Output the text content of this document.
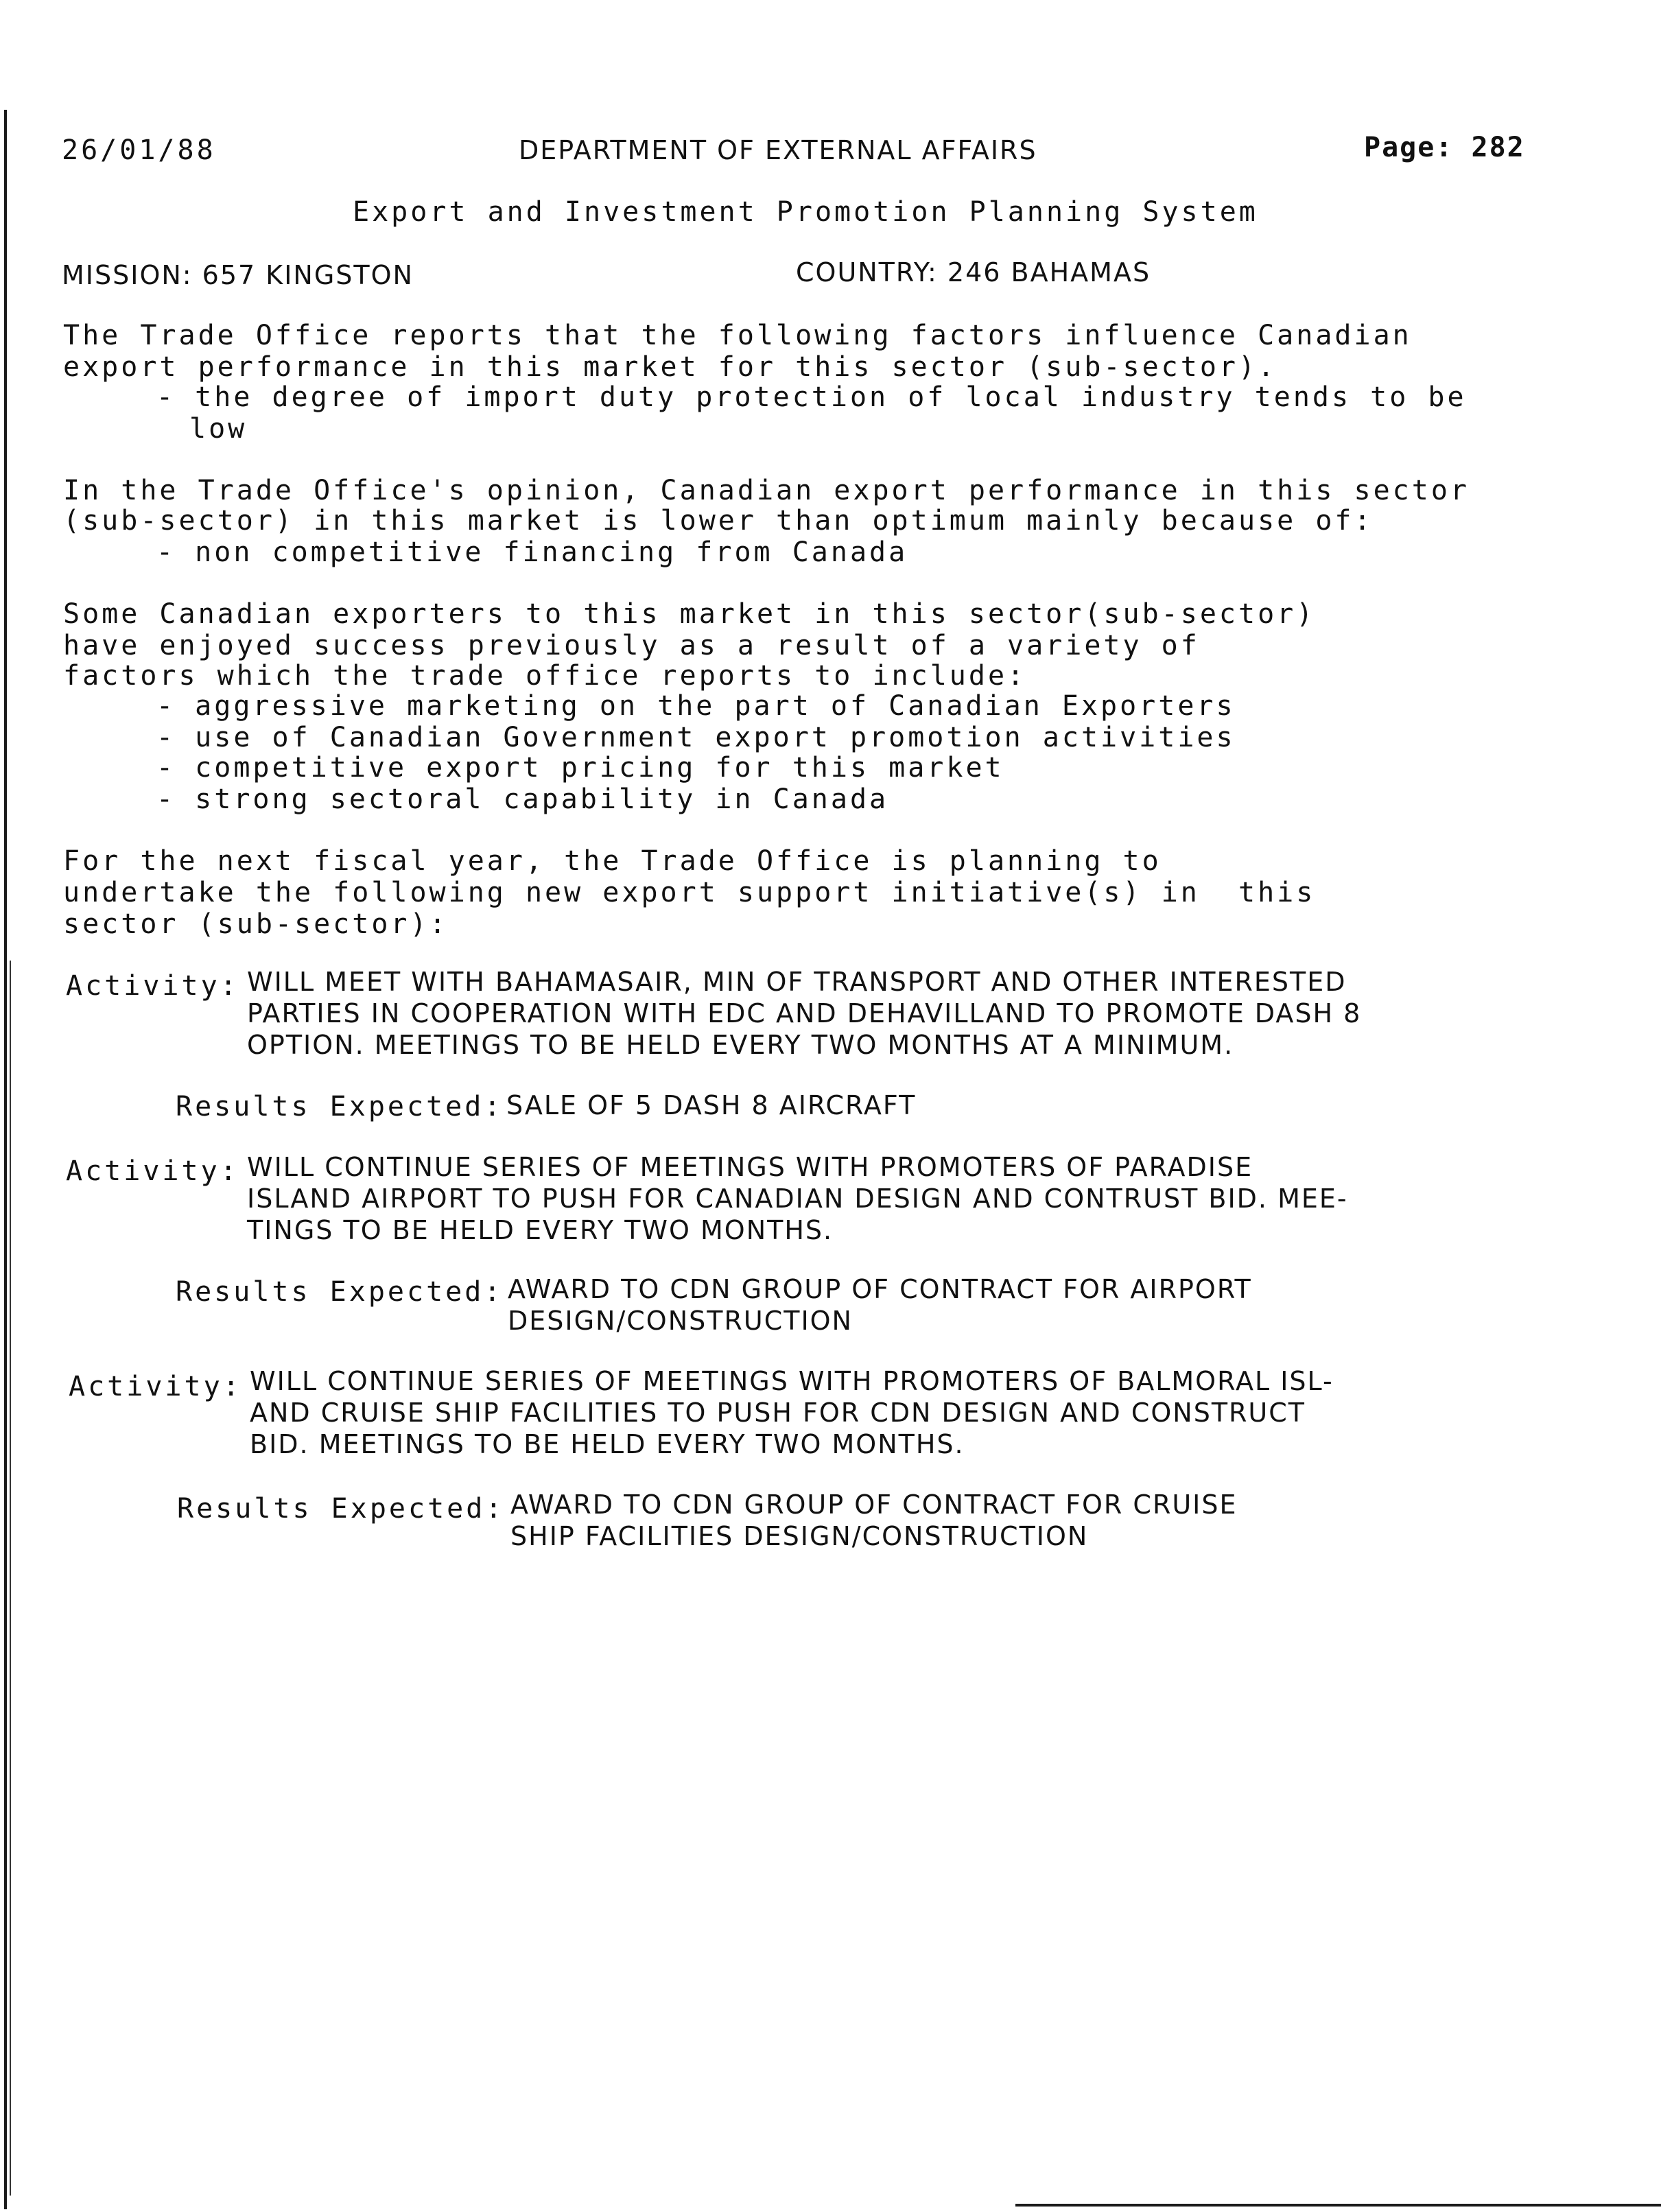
26/01/88	DEPARTMENT OF EXTERNAL AFFAIRS	Page: 282
Export and Investment Promotion Planning System
MISSION: 657 KINGSTON	COUNTRY: 246 BAHAMAS
The Trade Office reports that the following factors influence Canadian
export performance in this market for this sector (sub-sector).
- the degree of import duty protection of local industry tends to be
low
In the Trade Office's opinion, Canadian export performance in this sector
(sub-sector) in this market is lower than optimum mainly because of:
- non competitive financing from Canada
Some Canadian exporters to this market in this sector(sub-sector)
have enjoyed success previously as a result of a variety of
factors which the trade office reports to include:
- aggressive marketing on the part of Canadian Exporters
- use of Canadian Government export promotion activities
- competitive export pricing for this market
- strong sectoral capability in Canada
For the next fiscal year, the Trade Office is planning to
undertake the following new export support initiative(s) in  this
sector (sub-sector):
Activity: WILL MEET WITH BAHAMASAIR, MIN OF TRANSPORT AND OTHER INTERESTED
PARTIES IN COOPERATION WITH EDC AND DEHAVILLAND TO PROMOTE DASH 8
OPTION. MEETINGS TO BE HELD EVERY TWO MONTHS AT A MINIMUM.
Results Expected: SALE OF 5 DASH 8 AIRCRAFT
Activity: WILL CONTINUE SERIES OF MEETINGS WITH PROMOTERS OF PARADISE
ISLAND AIRPORT TO PUSH FOR CANADIAN DESIGN AND CONTRUST BID. MEE-
TINGS TO BE HELD EVERY TWO MONTHS.
Results Expected: AWARD TO CDN GROUP OF CONTRACT FOR AIRPORT
DESIGN/CONSTRUCTION
Activity: WILL CONTINUE SERIES OF MEETINGS WITH PROMOTERS OF BALMORAL ISL-
AND CRUISE SHIP FACILITIES TO PUSH FOR CDN DESIGN AND CONSTRUCT
BID. MEETINGS TO BE HELD EVERY TWO MONTHS.
Results Expected: AWARD TO CDN GROUP OF CONTRACT FOR CRUISE
SHIP FACILITIES DESIGN/CONSTRUCTION
